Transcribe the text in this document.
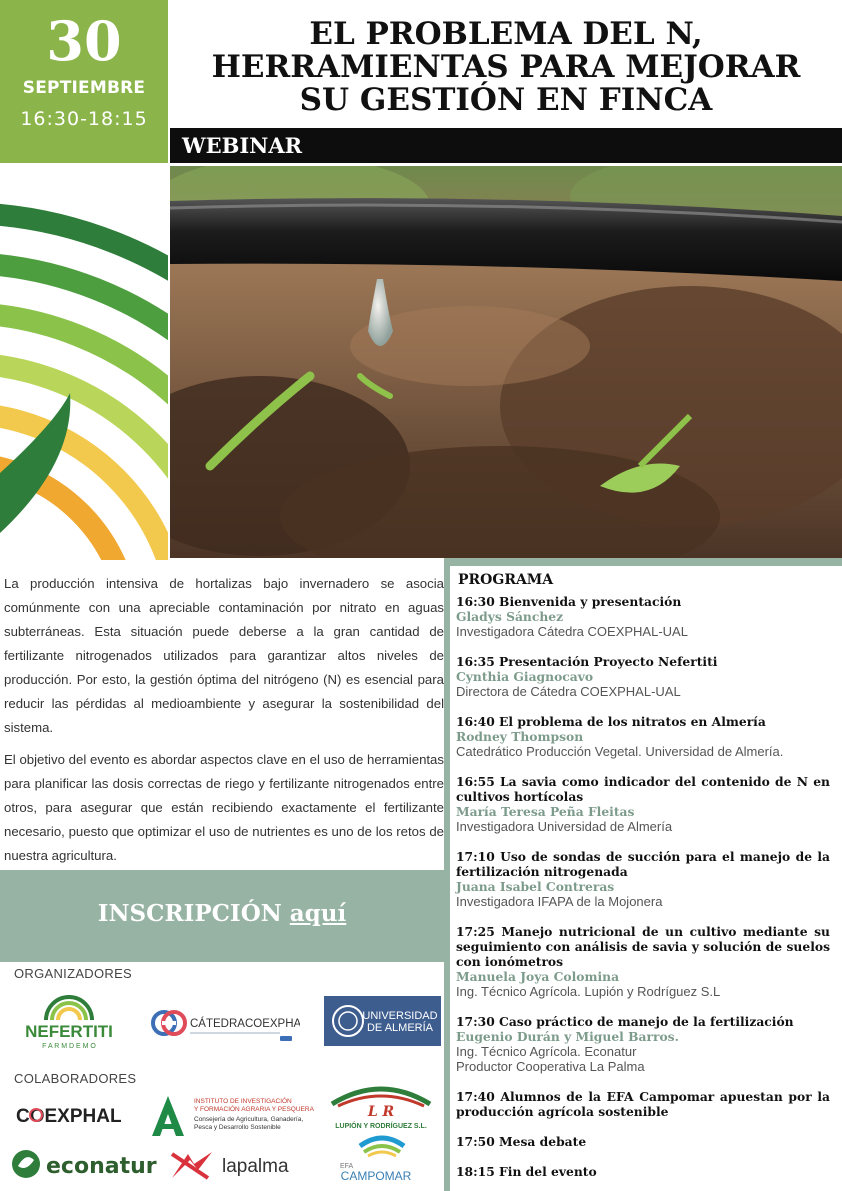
30
SEPTIEMBRE
16:30-18:15
EL PROBLEMA DEL N,
HERRAMIENTAS PARA MEJORAR
SU GESTIÓN EN FINCA
WEBINAR

La producción intensiva de hortalizas bajo invernadero se asocia comúnmente con una apreciable contaminación por nitrato en aguas subterráneas. Esta situación puede deberse a la gran cantidad de fertilizante nitrogenados utilizados para garantizar altos niveles de producción. Por esto, la gestión óptima del nitrógeno (N) es esencial para reducir las pérdidas al medioambiente y asegurar la sostenibilidad del sistema.

El objetivo del evento es abordar aspectos clave en el uso de herramientas para planificar las dosis correctas de riego y fertilizante nitrogenados entre otros, para asegurar que están recibiendo exactamente el fertilizante necesario, puesto que optimizar el uso de nutrientes es uno de los retos de nuestra agricultura.

INSCRIPCIÓN aquí
PROGRAMA
16:30 Bienvenida y presentación
Gladys Sánchez
Investigadora Cátedra COEXPHAL-UAL
16:35 Presentación Proyecto Nefertiti
Cynthia Giagnocavo
Directora de Cátedra COEXPHAL-UAL
16:40 El problema de los nitratos en Almería
Rodney Thompson
Catedrático Producción Vegetal. Universidad de Almería.
16:55 La savia como indicador del contenido de N en cultivos hortícolas
María Teresa Peña Fleitas
Investigadora Universidad de Almería
17:10 Uso de sondas de succión para el manejo de la fertilización nitrogenada
Juana Isabel Contreras
Investigadora IFAPA de la Mojonera
17:25 Manejo nutricional de un cultivo mediante su seguimiento con análisis de savia y solución de suelos con ionómetros
Manuela Joya Colomina
Ing. Técnico Agrícola. Lupión y Rodríguez S.L
17:30 Caso práctico de manejo de la fertilización
Eugenio Durán y Miguel Barros.
Ing. Técnico Agrícola. Econatur
Productor Cooperativa La Palma
17:40 Alumnos de la EFA Campomar apuestan por la producción agrícola sostenible
17:50 Mesa debate
18:15 Fin del evento
ORGANIZADORES
NEFERTITI
F A R M D E M O
CÁTEDRACOEXPHAL
UNIVERSIDAD
DE ALMERÍA
COLABORADORES
COEXPHAL
INSTITUTO DE INVESTIGACIÓN
Y FORMACIÓN AGRARIA Y PESQUERA
Consejería de Agricultura, Ganadería,
Pesca y Desarrollo Sostenible
L R
LUPIÓN Y RODRÍGUEZ S.L.
econatur	lapalma	EFA
CAMPOMAR
